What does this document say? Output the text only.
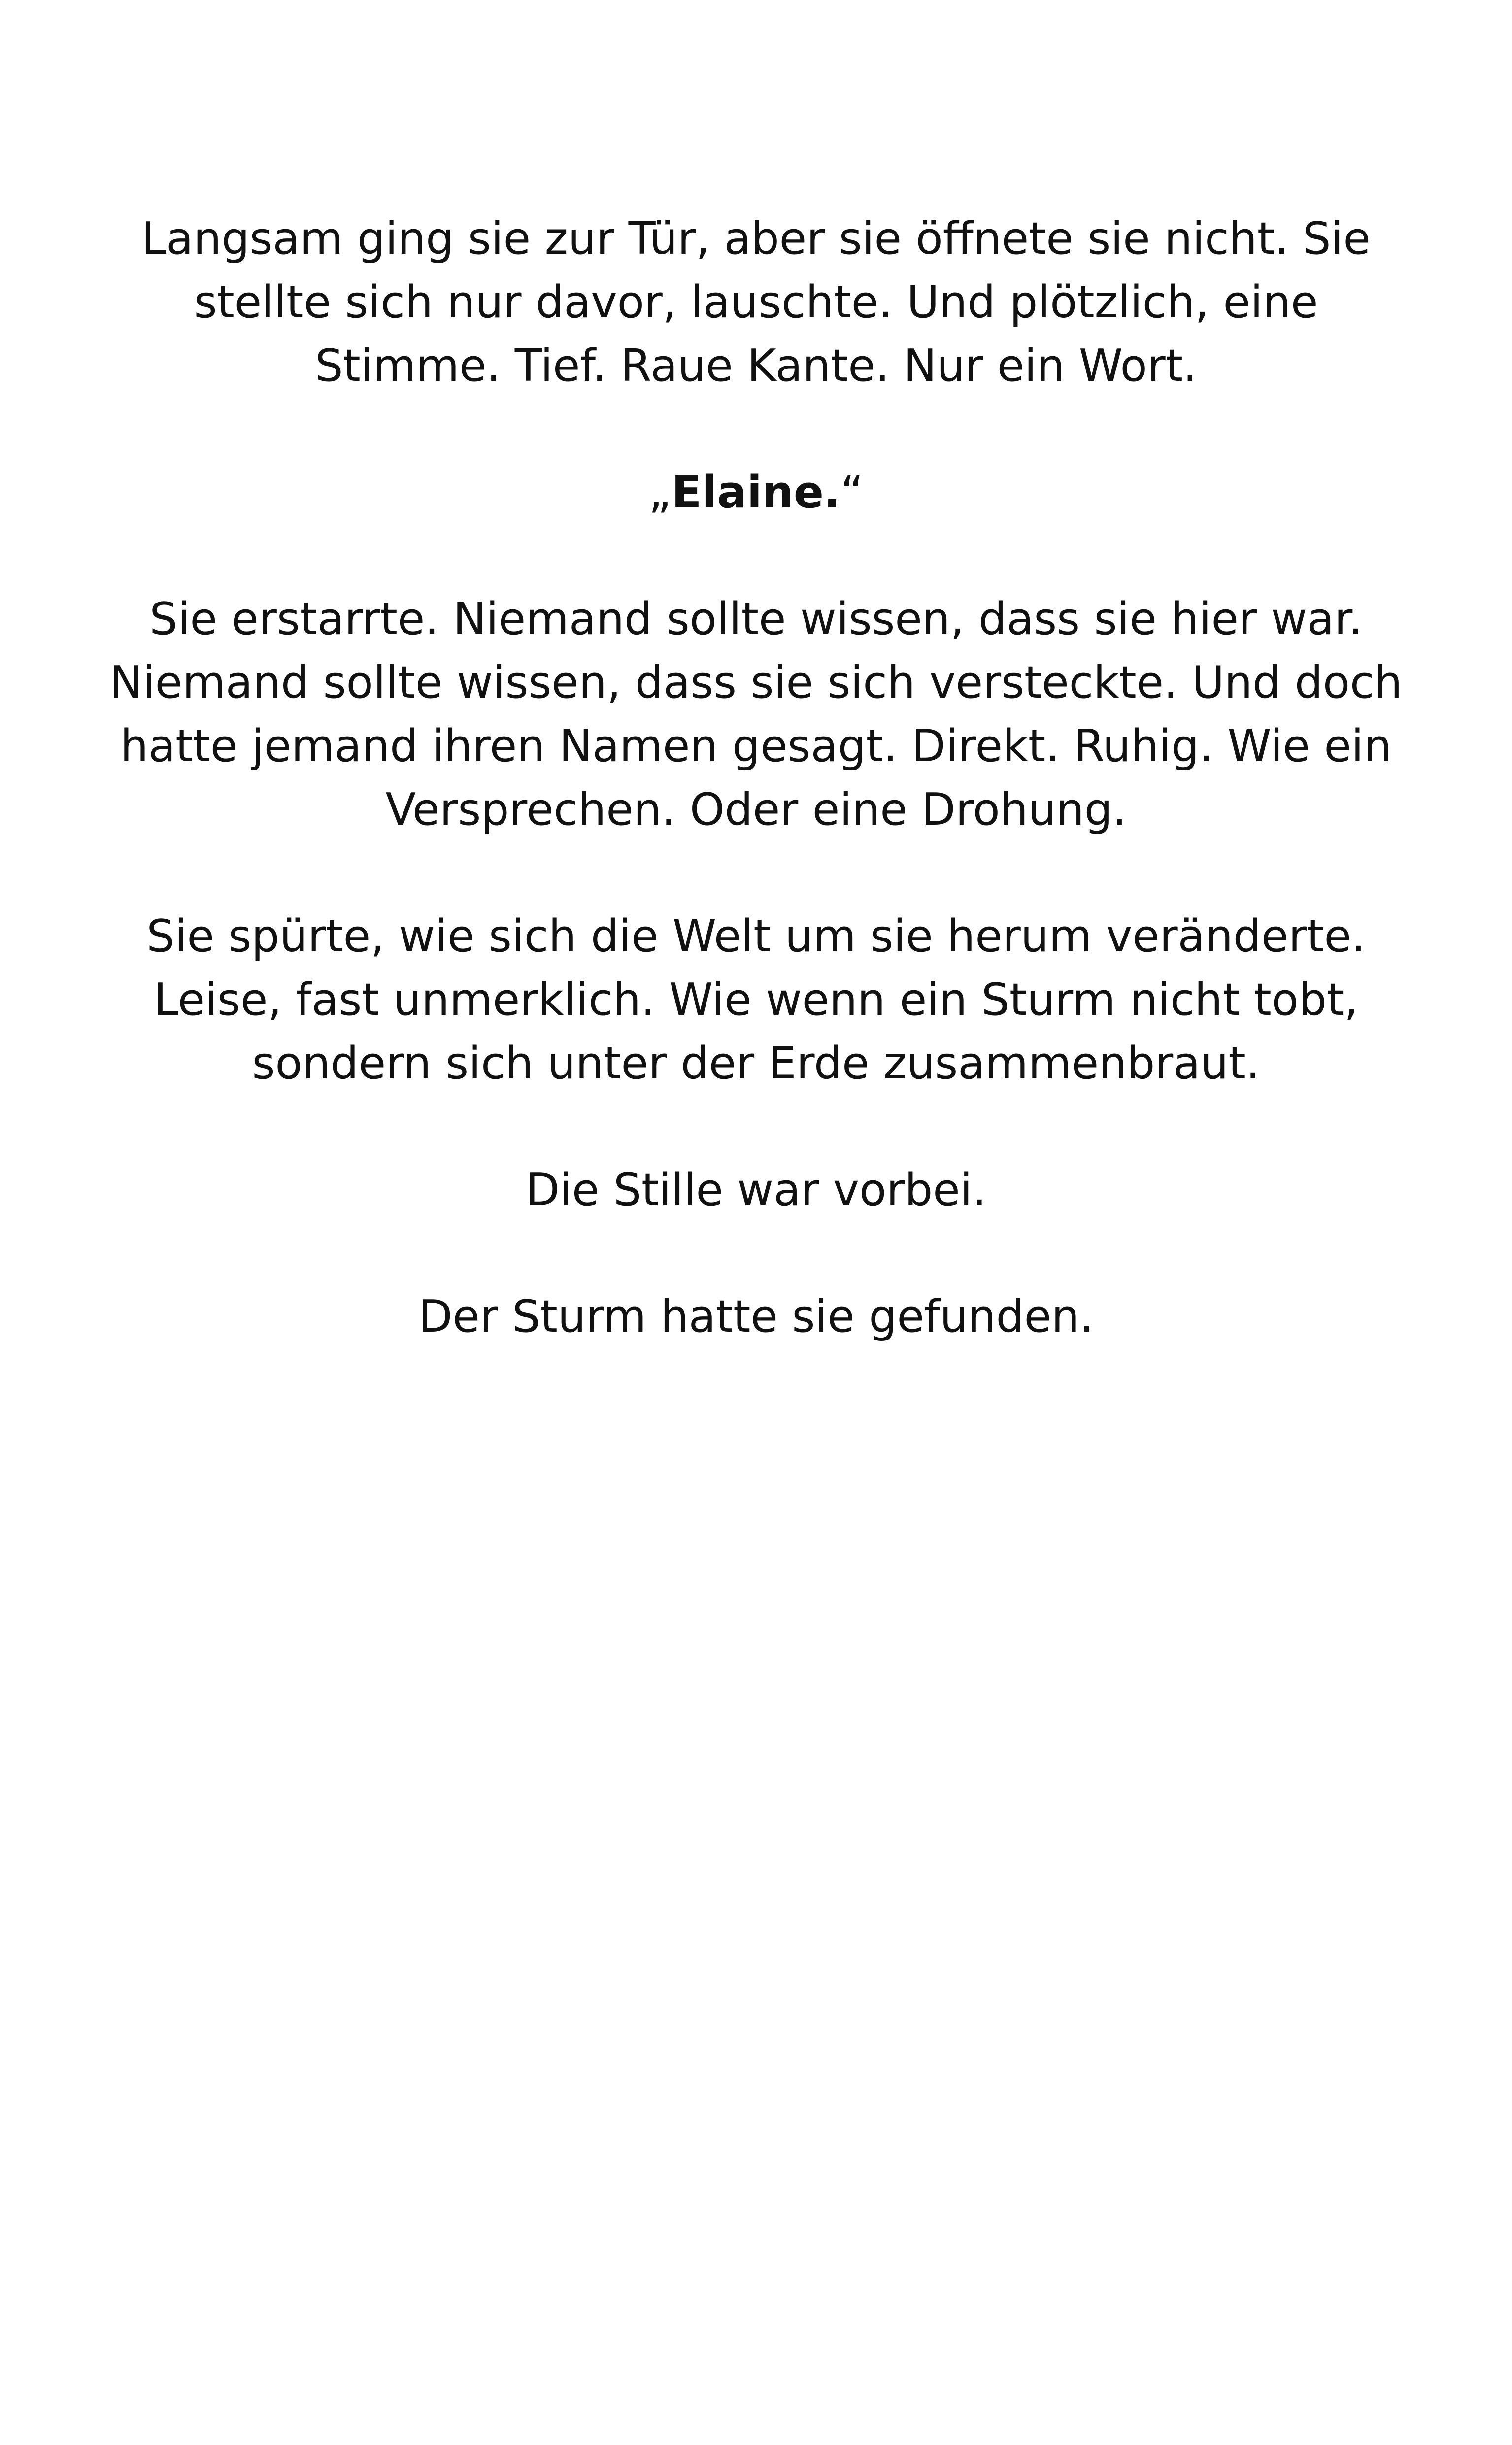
Langsam ging sie zur Tür, aber sie öffnete sie nicht. Sie
stellte sich nur davor, lauschte. Und plötzlich, eine
Stimme. Tief. Raue Kante. Nur ein Wort.

„Elaine.“

Sie erstarrte. Niemand sollte wissen, dass sie hier war.
Niemand sollte wissen, dass sie sich versteckte. Und doch
hatte jemand ihren Namen gesagt. Direkt. Ruhig. Wie ein
Versprechen. Oder eine Drohung.

Sie spürte, wie sich die Welt um sie herum veränderte.
Leise, fast unmerklich. Wie wenn ein Sturm nicht tobt,
sondern sich unter der Erde zusammenbraut.

Die Stille war vorbei.

Der Sturm hatte sie gefunden.
